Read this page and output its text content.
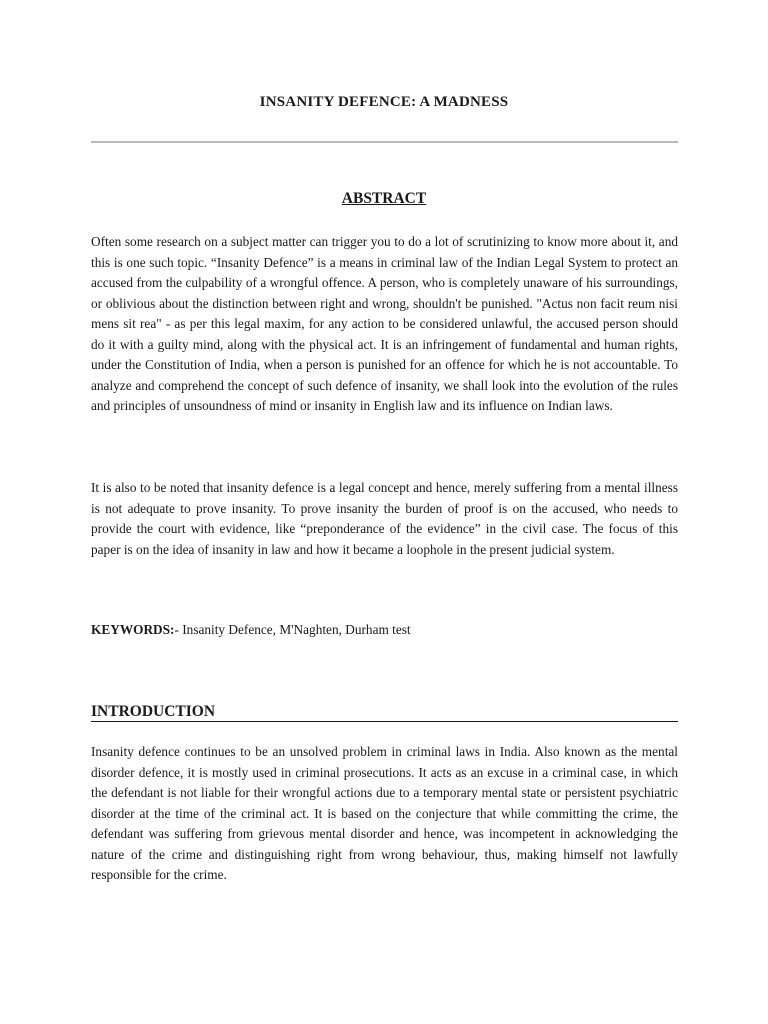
INSANITY DEFENCE: A MADNESS
ABSTRACT

Often some research on a subject matter can trigger you to do a lot of scrutinizing to know more about it, and this is one such topic. “Insanity Defence” is a means in criminal law of the Indian Legal System to protect an accused from the culpability of a wrongful offence. A person, who is completely unaware of his surroundings, or oblivious about the distinction between right and wrong, shouldn't be punished. "Actus non facit reum nisi mens sit rea" - as per this legal maxim, for any action to be considered unlawful, the accused person should do it with a guilty mind, along with the physical act. It is an infringement of fundamental and human rights, under the Constitution of India, when a person is punished for an offence for which he is not accountable. To analyze and comprehend the concept of such defence of insanity, we shall look into the evolution of the rules and principles of unsoundness of mind or insanity in English law and its influence on Indian laws.

It is also to be noted that insanity defence is a legal concept and hence, merely suffering from a mental illness is not adequate to prove insanity. To prove insanity the burden of proof is on the accused, who needs to provide the court with evidence, like “preponderance of the evidence” in the civil case. The focus of this paper is on the idea of insanity in law and how it became a loophole in the present judicial system.

KEYWORDS:- Insanity Defence, M'Naghten, Durham test
INTRODUCTION

Insanity defence continues to be an unsolved problem in criminal laws in India. Also known as the mental disorder defence, it is mostly used in criminal prosecutions. It acts as an excuse in a criminal case, in which the defendant is not liable for their wrongful actions due to a temporary mental state or persistent psychiatric disorder at the time of the criminal act. It is based on the conjecture that while committing the crime, the defendant was suffering from grievous mental disorder and hence, was incompetent in acknowledging the nature of the crime and distinguishing right from wrong behaviour, thus, making himself not lawfully responsible for the crime.
